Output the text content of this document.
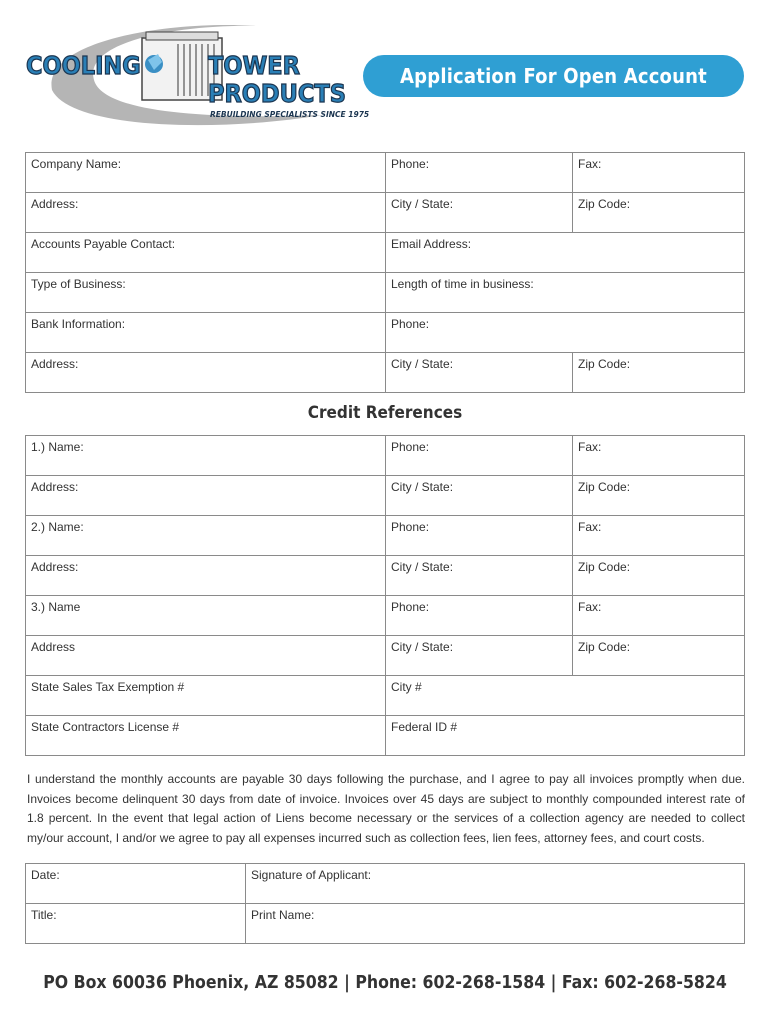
COOLING	TOWER
PRODUCTS
REBUILDING SPECIALISTS SINCE 1975
Application For Open Account
Company Name:	Phone:	Fax:
Address:	City / State:	Zip Code:
Accounts Payable Contact:	Email Address:	
Type of Business:	Length of time in business:	
Bank Information:	Phone:	
Address:	City / State:	Zip Code:
Credit References
1.) Name:	Phone:	Fax:
Address:	City / State:	Zip Code:
2.) Name:	Phone:	Fax:
Address:	City / State:	Zip Code:
3.) Name	Phone:	Fax:
Address	City / State:	Zip Code:
State Sales Tax Exemption #	City #	
State Contractors License #	Federal ID #	
I understand the monthly accounts are payable 30 days following the purchase, and I agree to pay all invoices promptly when due. Invoices become delinquent 30 days from date of invoice. Invoices over 45 days are subject to monthly compounded interest rate of 1.8 percent. In the event that legal action of Liens become necessary or the services of a collection agency are needed to collect my/our account, I and/or we agree to pay all expenses incurred such as collection fees, lien fees, attorney fees, and court costs.
Date:	Signature of Applicant:
Title:	Print Name:
PO Box 60036 Phoenix, AZ 85082 | Phone: 602-268-1584 | Fax: 602-268-5824
